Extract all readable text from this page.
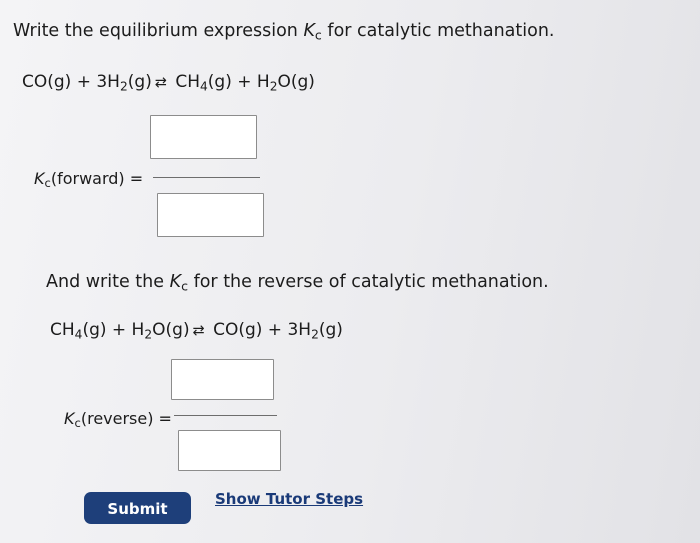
Write the equilibrium expression $K_c$ for catalytic methanation.
$CO(g) + 3H_2(g)$ ⇄ $CH_4(g) + H_2O(g)$
$K_c(forward)$ =
And write the $K_c$ for the reverse of catalytic methanation.
$CH_4(g) + H_2O(g)$ ⇄ $CO(g) + 3H_2(g)$
$K_c(reverse)$ =
Submit
Show Tutor Steps
